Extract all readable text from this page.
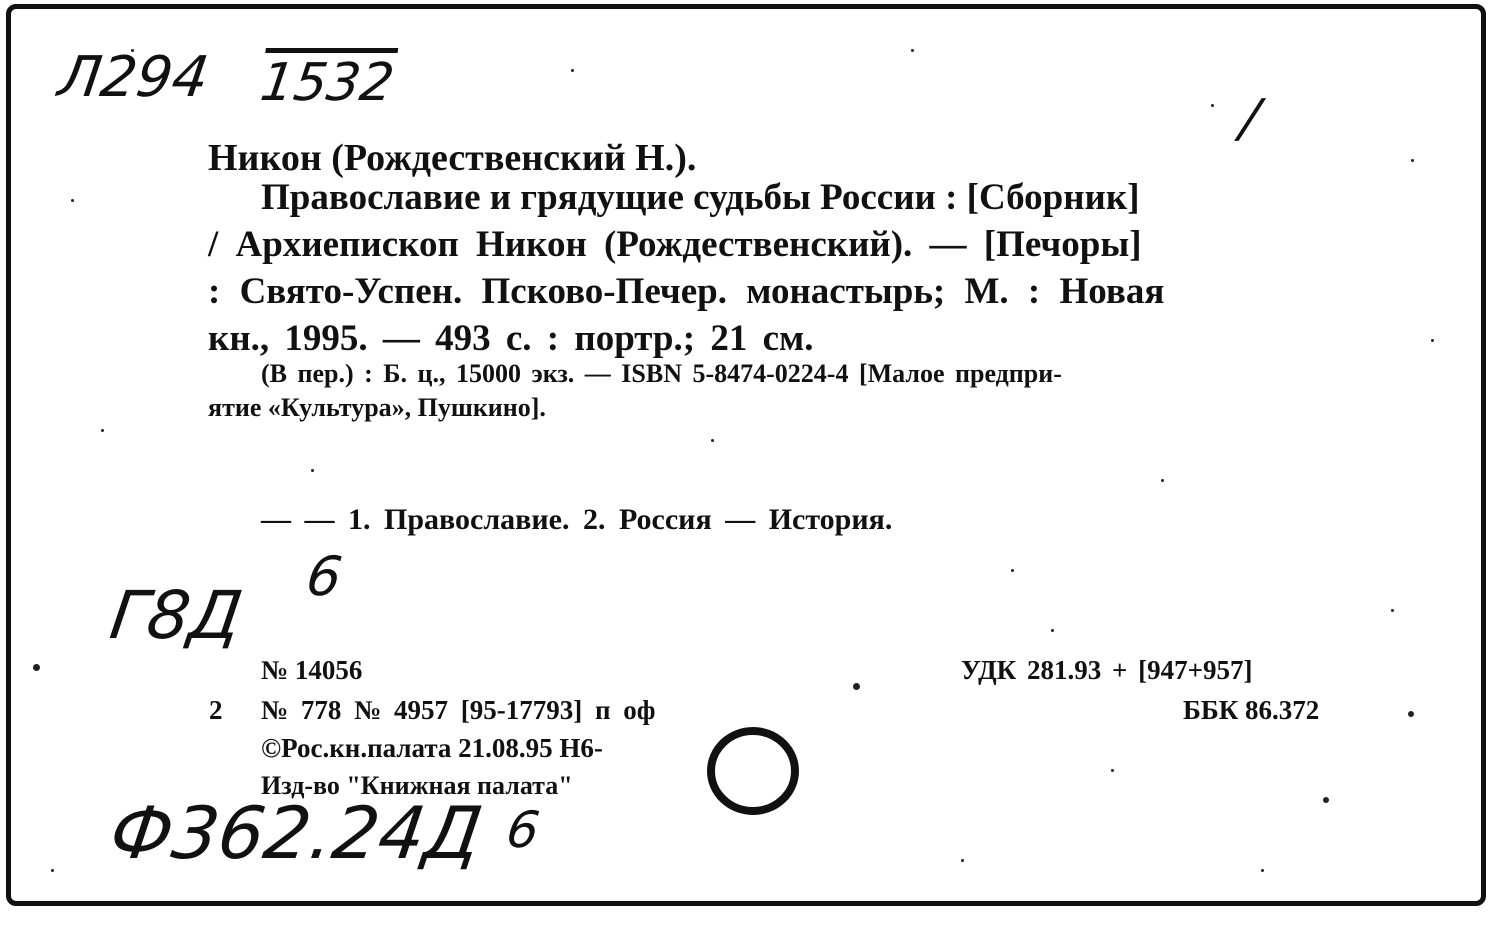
Л294 1532
/
Никон (Рождественский Н.).
Православие и грядущие судьбы России : [Сборник]
/ Архиепископ Никон (Рождественский). — [Печоры]
: Свято-Успен. Псково-Печер. монастырь; М. : Новая
кн., 1995. — 493 с. : портр.; 21 см.
(В пер.) : Б. ц., 15000 экз. — ISBN 5-8474-0224-4 [Малое предпри-
ятие «Культура», Пушкино].
— — 1. Православие. 2. Россия — История.
Г8Д
6
№ 14056	УДК 281.93 + [947+957]
2 № 778 № 4957 [95-17793] п оф	ББК 86.372
©Рос.кн.палата 21.08.95 Н6-
Изд-во "Книжная палата"
Ф362.24Д 6
